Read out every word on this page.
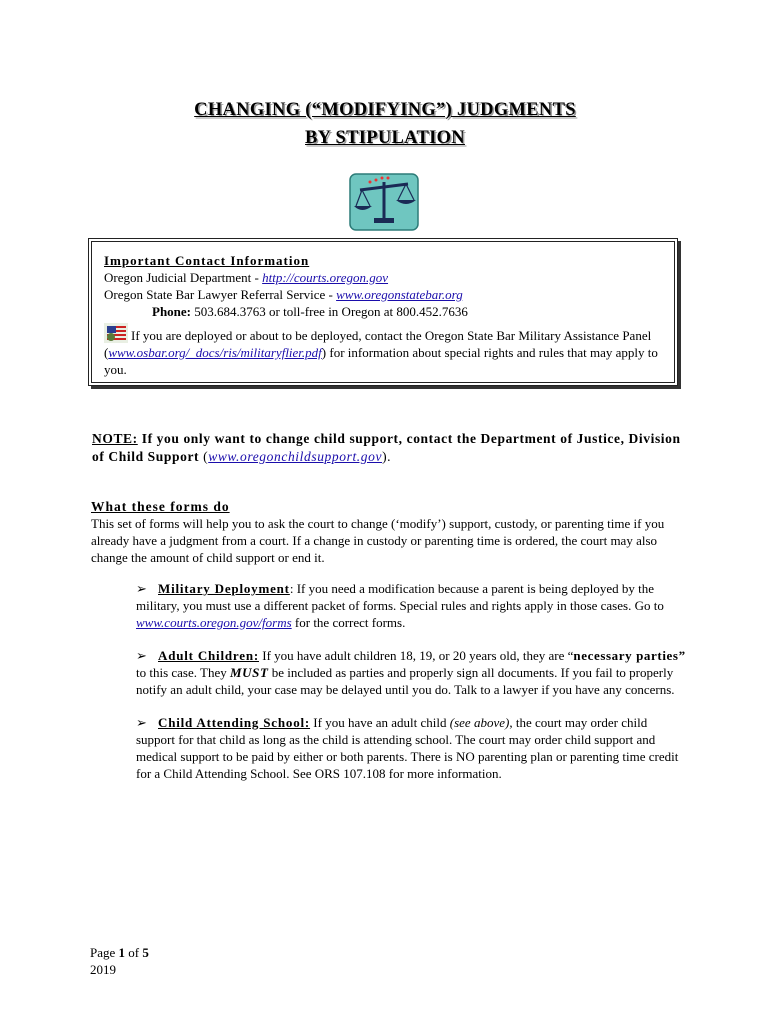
CHANGING (“MODIFYING”) JUDGMENTS
BY STIPULATION
Important Contact Information
Oregon Judicial Department - http://courts.oregon.gov
Oregon State Bar Lawyer Referral Service - www.oregonstatebar.org
Phone: 503.684.3763 or toll-free in Oregon at 800.452.7636
If you are deployed or about to be deployed, contact the Oregon State Bar Military Assistance Panel (www.osbar.org/_docs/ris/militaryflier.pdf) for information about special rights and rules that may apply to you.
NOTE: If you only want to change child support, contact the Department of Justice, Division of Child Support (www.oregonchildsupport.gov).
What these forms do
This set of forms will help you to ask the court to change (‘modify’) support, custody, or parenting time if you already have a judgment from a court. If a change in custody or parenting time is ordered, the court may also change the amount of child support or end it.
➢ Military Deployment: If you need a modification because a parent is being deployed by the military, you must use a different packet of forms. Special rules and rights apply in those cases. Go to www.courts.oregon.gov/forms for the correct forms.
➢ Adult Children: If you have adult children 18, 19, or 20 years old, they are “necessary parties” to this case. They MUST be included as parties and properly sign all documents. If you fail to properly notify an adult child, your case may be delayed until you do. Talk to a lawyer if you have any concerns.
➢ Child Attending School: If you have an adult child (see above), the court may order child support for that child as long as the child is attending school. The court may order child support and medical support to be paid by either or both parents. There is NO parenting plan or parenting time credit for a Child Attending School. See ORS 107.108 for more information.
Page 1 of 5
2019
